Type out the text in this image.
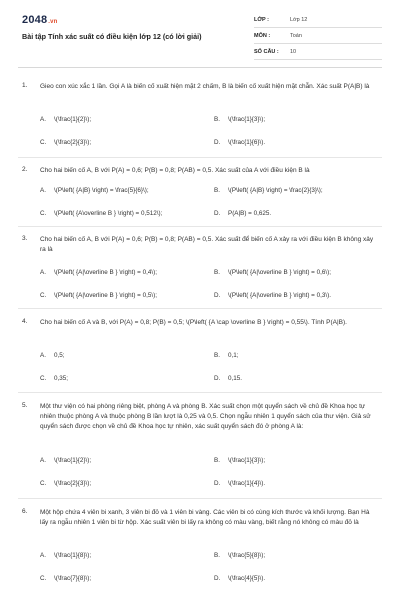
2048.vn
Bài tập Tính xác suất có điều kiện lớp 12 (có lời giải)
LỚP :	Lớp 12
MÔN :	Toán
SỐ CÂU :	10
1. Gieo con xúc xắc 1 lần. Gọi A là biến cố xuất hiện mặt 2 chấm, B là biến cố xuất hiện mặt chẵn. Xác suất P(A|B) là
A. \(\frac{1}{2}\);	B. \(\frac{1}{3}\);
C. \(\frac{2}{3}\);	D. \(\frac{1}{6}\).
2. Cho hai biến cố A, B với P(A) = 0,6; P(B) = 0,8; P(AB) = 0,5. Xác suất của A với điều kiện B là
A. \(P\left( {A|B} \right) = \frac{5}{6}\);	B. \(P\left( {A|B} \right) = \frac{2}{3}\);
C. \(P\left( {A\overline B } \right) = 0,512\);	D. P(A|B) = 0,625.
3. Cho hai biến cố A, B với P(A) = 0,6; P(B) = 0,8; P(AB) = 0,5. Xác suất để biến cố A xảy ra với điều kiện B không xảy ra là
A. \(P\left( {A|\overline B } \right) = 0,4\);	B. \(P\left( {A|\overline B } \right) = 0,6\);
C. \(P\left( {A|\overline B } \right) = 0,5\);	D. \(P\left( {A|\overline B } \right) = 0,3\).
4. Cho hai biến cố A và B, với P(A) = 0,8; P(B) = 0,5; \(P\left( {A \cap \overline B } \right) = 0,55\). Tính P(A|B).
A. 0,5;	B. 0,1;
C. 0,35;	D. 0,15.
5. Một thư viện có hai phòng riêng biệt, phòng A và phòng B. Xác suất chọn một quyển sách về chủ đề Khoa học tự nhiên thuộc phòng A và thuộc phòng B lần lượt là 0,25 và 0,5. Chọn ngẫu nhiên 1 quyển sách của thư viện. Giả sử quyển sách được chọn về chủ đề Khoa học tự nhiên, xác suất quyển sách đó ở phòng A là:
A. \(\frac{1}{2}\);	B. \(\frac{1}{3}\);
C. \(\frac{2}{3}\);	D. \(\frac{1}{4}\).
6. Một hộp chứa 4 viên bi xanh, 3 viên bi đỏ và 1 viên bi vàng. Các viên bi có cùng kích thước và khối lượng. Bạn Hà lấy ra ngẫu nhiên 1 viên bi từ hộp. Xác suất viên bi lấy ra không có màu vàng, biết rằng nó không có màu đỏ là
A. \(\frac{1}{8}\);	B. \(\frac{5}{8}\);
C. \(\frac{7}{8}\);	D. \(\frac{4}{5}\).
